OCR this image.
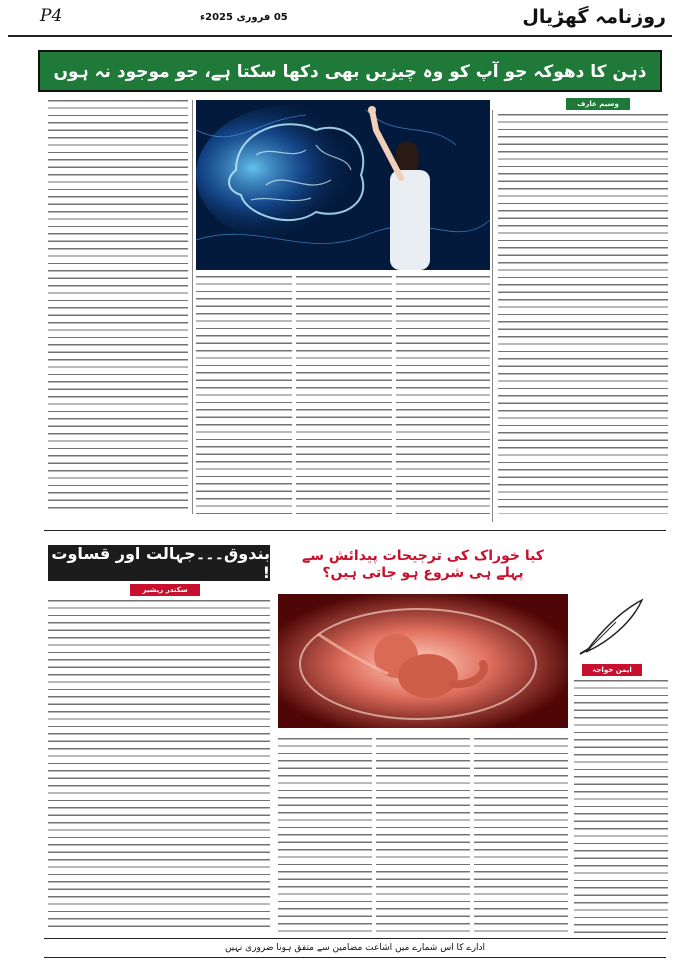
P4	05 فروری 2025ء	روزنامہ گھڑیال
ذہن کا دھوکہ جو آپ کو وہ چیزیں بھی دکھا سکتا ہے، جو موجود نہ ہوں
وسیم عارف
بندوق۔۔۔جہالت اور قساوت !
سکندر ریشیر
کیا خوراک کی ترجیحات پیدائش سے پہلے ہی شروع ہو جاتی ہیں؟
ایمن خواجہ
ادارے کا اس شمارے میں اشاعت مضامین سے متفق ہونا ضروری نہیں
